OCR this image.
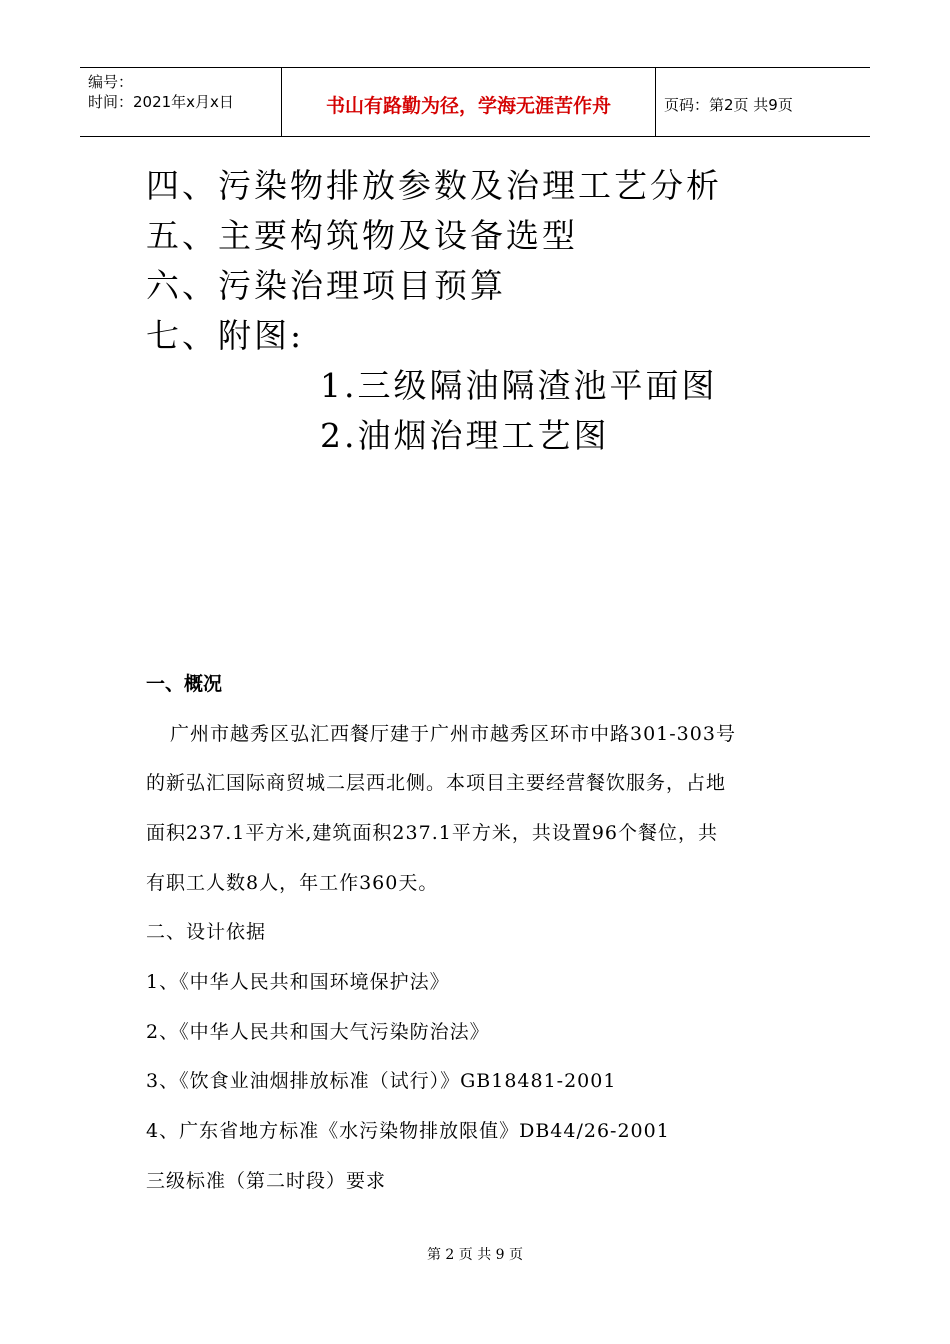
编号：
时间：2021年x月x日	书山有路勤为径，学海无涯苦作舟	页码：第2页 共9页
四、污染物排放参数及治理工艺分析
五、主要构筑物及设备选型
六、污染治理项目预算
七、附图:
1.三级隔油隔渣池平面图
2.油烟治理工艺图
一、概况
广州市越秀区弘汇西餐厅建于广州市越秀区环市中路301-303号
的新弘汇国际商贸城二层西北侧。本项目主要经营餐饮服务，占地
面积237.1平方米,建筑面积237.1平方米，共设置96个餐位，共
有职工人数8人，年工作360天。
二、设计依据
1、《中华人民共和国环境保护法》
2、《中华人民共和国大气污染防治法》
3、《饮食业油烟排放标准（试行）》GB18481-2001
4、广东省地方标准《水污染物排放限值》DB44/26-2001
三级标准（第二时段）要求
第 2 页 共 9 页
